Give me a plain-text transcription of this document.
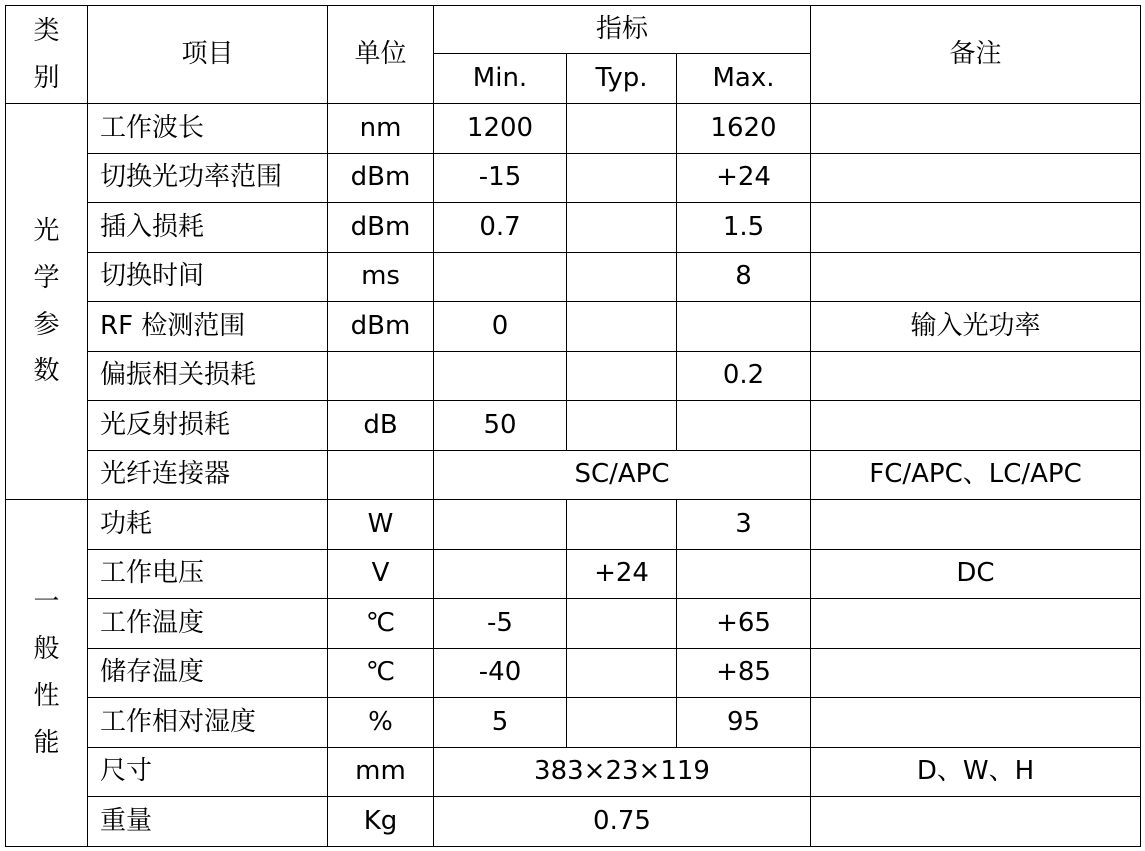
类别	项目	单位	指标			备注
			Min.	Typ.	Max.	
光学参数	工作波长	nm	1200		1620	
	切换光功率范围	dBm	-15		+24	
	插入损耗	dBm	0.7		1.5	
	切换时间	ms			8	
	RF 检测范围	dBm	0			输入光功率
	偏振相关损耗				0.2	
	光反射损耗	dB	50			
	光纤连接器		SC/APC			FC/APC、LC/APC
一般性能	功耗	W			3	
	工作电压	V		+24		DC
	工作温度	℃	-5		+65	
	储存温度	℃	-40		+85	
	工作相对湿度	%	5		95	
	尺寸	mm	383×23×119			D、W、H
	重量	Kg	0.75			
